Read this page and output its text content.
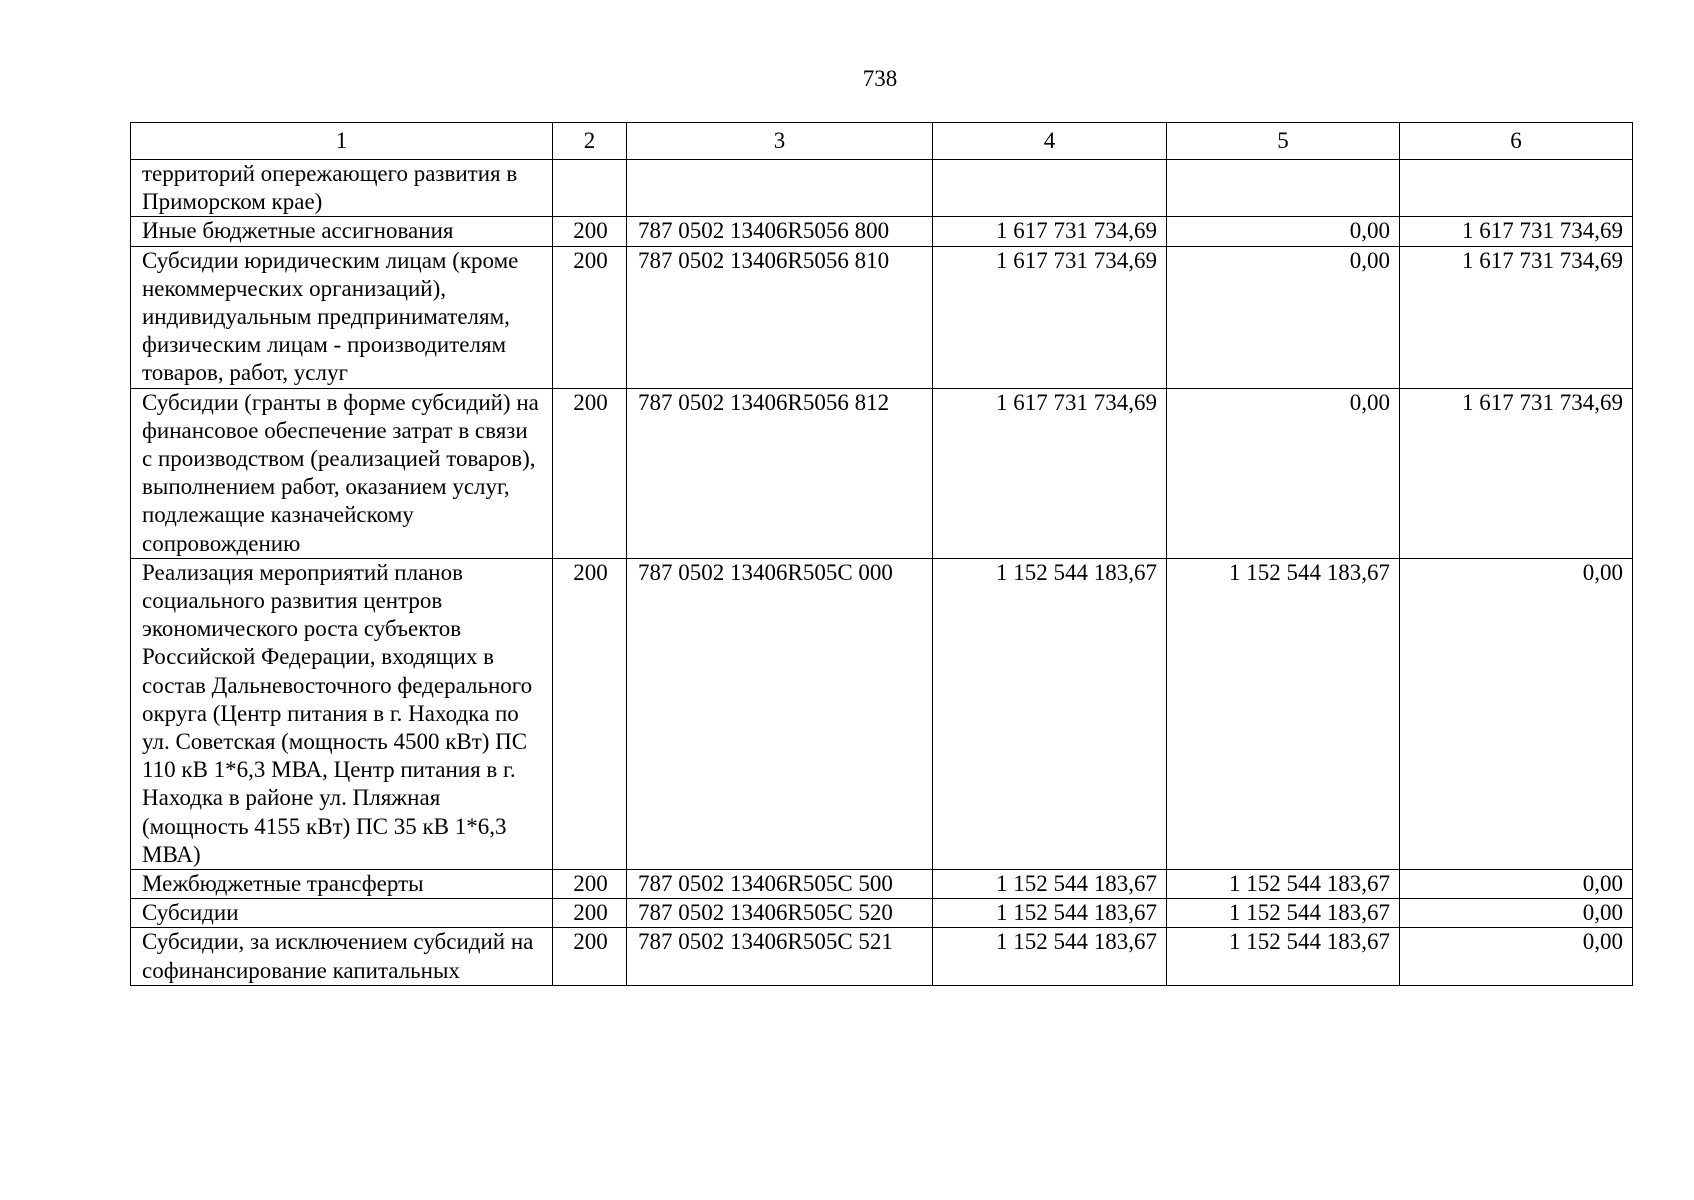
738
1	2	3	4	5	6
территорий опережающего развития в Приморском крае)					
Иные бюджетные ассигнования	200	787 0502 13406R5056 800	1 617 731 734,69	0,00	1 617 731 734,69
Субсидии юридическим лицам (кроме некоммерческих организаций), индивидуальным предпринимателям, физическим лицам - производителям товаров, работ, услуг	200	787 0502 13406R5056 810	1 617 731 734,69	0,00	1 617 731 734,69
Субсидии (гранты в форме субсидий) на финансовое обеспечение затрат в связи с производством (реализацией товаров), выполнением работ, оказанием услуг, подлежащие казначейскому сопровождению	200	787 0502 13406R5056 812	1 617 731 734,69	0,00	1 617 731 734,69
Реализация мероприятий планов социального развития центров экономического роста субъектов Российской Федерации, входящих в состав Дальневосточного федерального округа (Центр питания в г. Находка по ул. Советская (мощность 4500 кВт) ПС 110 кВ 1*6,3 МВА, Центр питания в г. Находка в районе ул. Пляжная (мощность 4155 кВт) ПС 35 кВ 1*6,3 МВА)	200	787 0502 13406R505C 000	1 152 544 183,67	1 152 544 183,67	0,00
Межбюджетные трансферты	200	787 0502 13406R505C 500	1 152 544 183,67	1 152 544 183,67	0,00
Субсидии	200	787 0502 13406R505C 520	1 152 544 183,67	1 152 544 183,67	0,00
Субсидии, за исключением субсидий на софинансирование капитальных	200	787 0502 13406R505C 521	1 152 544 183,67	1 152 544 183,67	0,00
